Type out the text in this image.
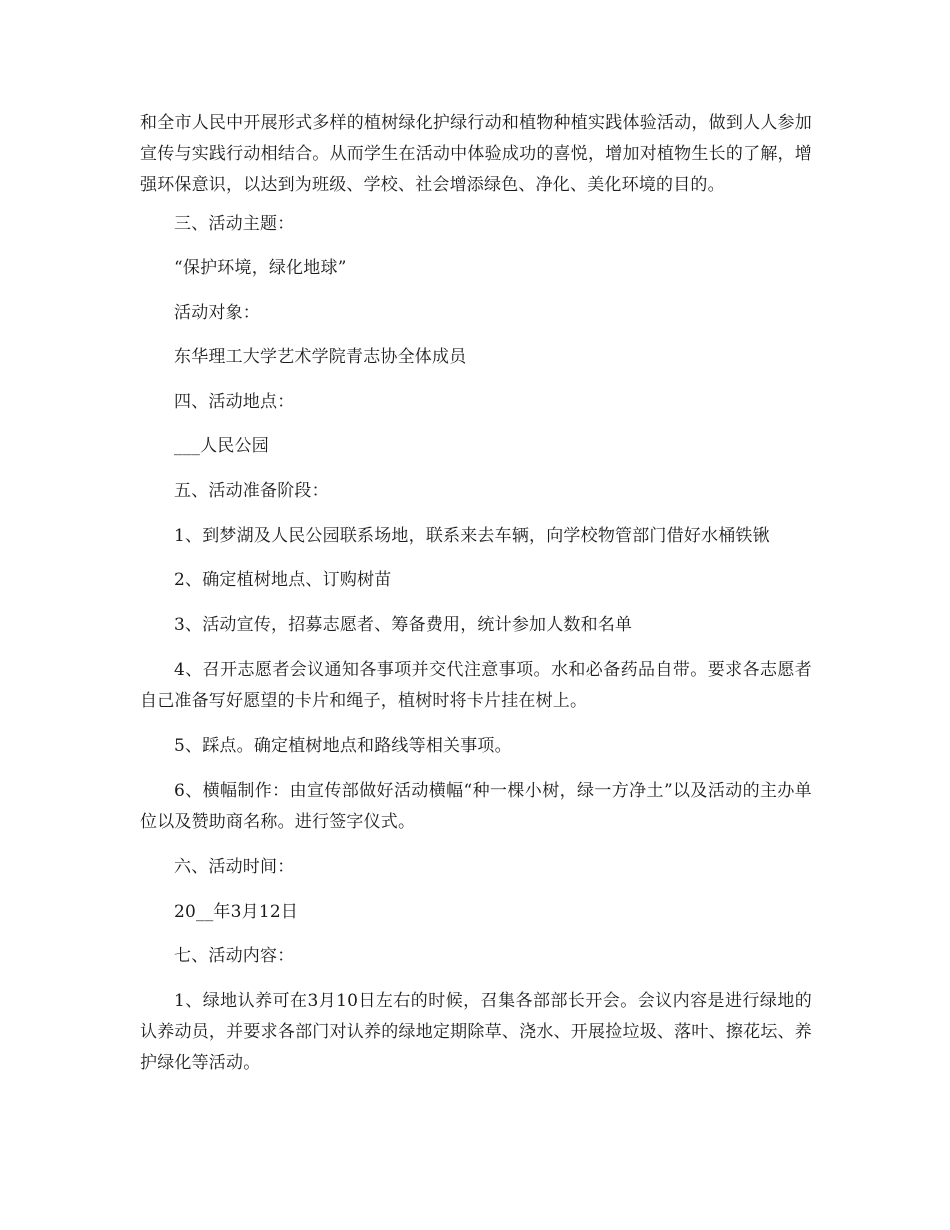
和全市人民中开展形式多样的植树绿化护绿行动和植物种植实践体验活动，做到人人参加宣传与实践行动相结合。从而学生在活动中体验成功的喜悦，增加对植物生长的了解，增强环保意识，以达到为班级、学校、社会增添绿色、净化、美化环境的目的。

三、活动主题：

“保护环境，绿化地球”

活动对象：

东华理工大学艺术学院青志协全体成员

四、活动地点：

___人民公园

五、活动准备阶段：

1、到梦湖及人民公园联系场地，联系来去车辆，向学校物管部门借好水桶铁锹

2、确定植树地点、订购树苗

3、活动宣传，招募志愿者、筹备费用，统计参加人数和名单

4、召开志愿者会议通知各事项并交代注意事项。水和必备药品自带。要求各志愿者自己准备写好愿望的卡片和绳子，植树时将卡片挂在树上。

5、踩点。确定植树地点和路线等相关事项。

6、横幅制作：由宣传部做好活动横幅“种一棵小树，绿一方净土”以及活动的主办单位以及赞助商名称。进行签字仪式。

六、活动时间：

20__年3月12日

七、活动内容：

1、绿地认养可在3月10日左右的时候，召集各部部长开会。会议内容是进行绿地的认养动员，并要求各部门对认养的绿地定期除草、浇水、开展捡垃圾、落叶、擦花坛、养护绿化等活动。
